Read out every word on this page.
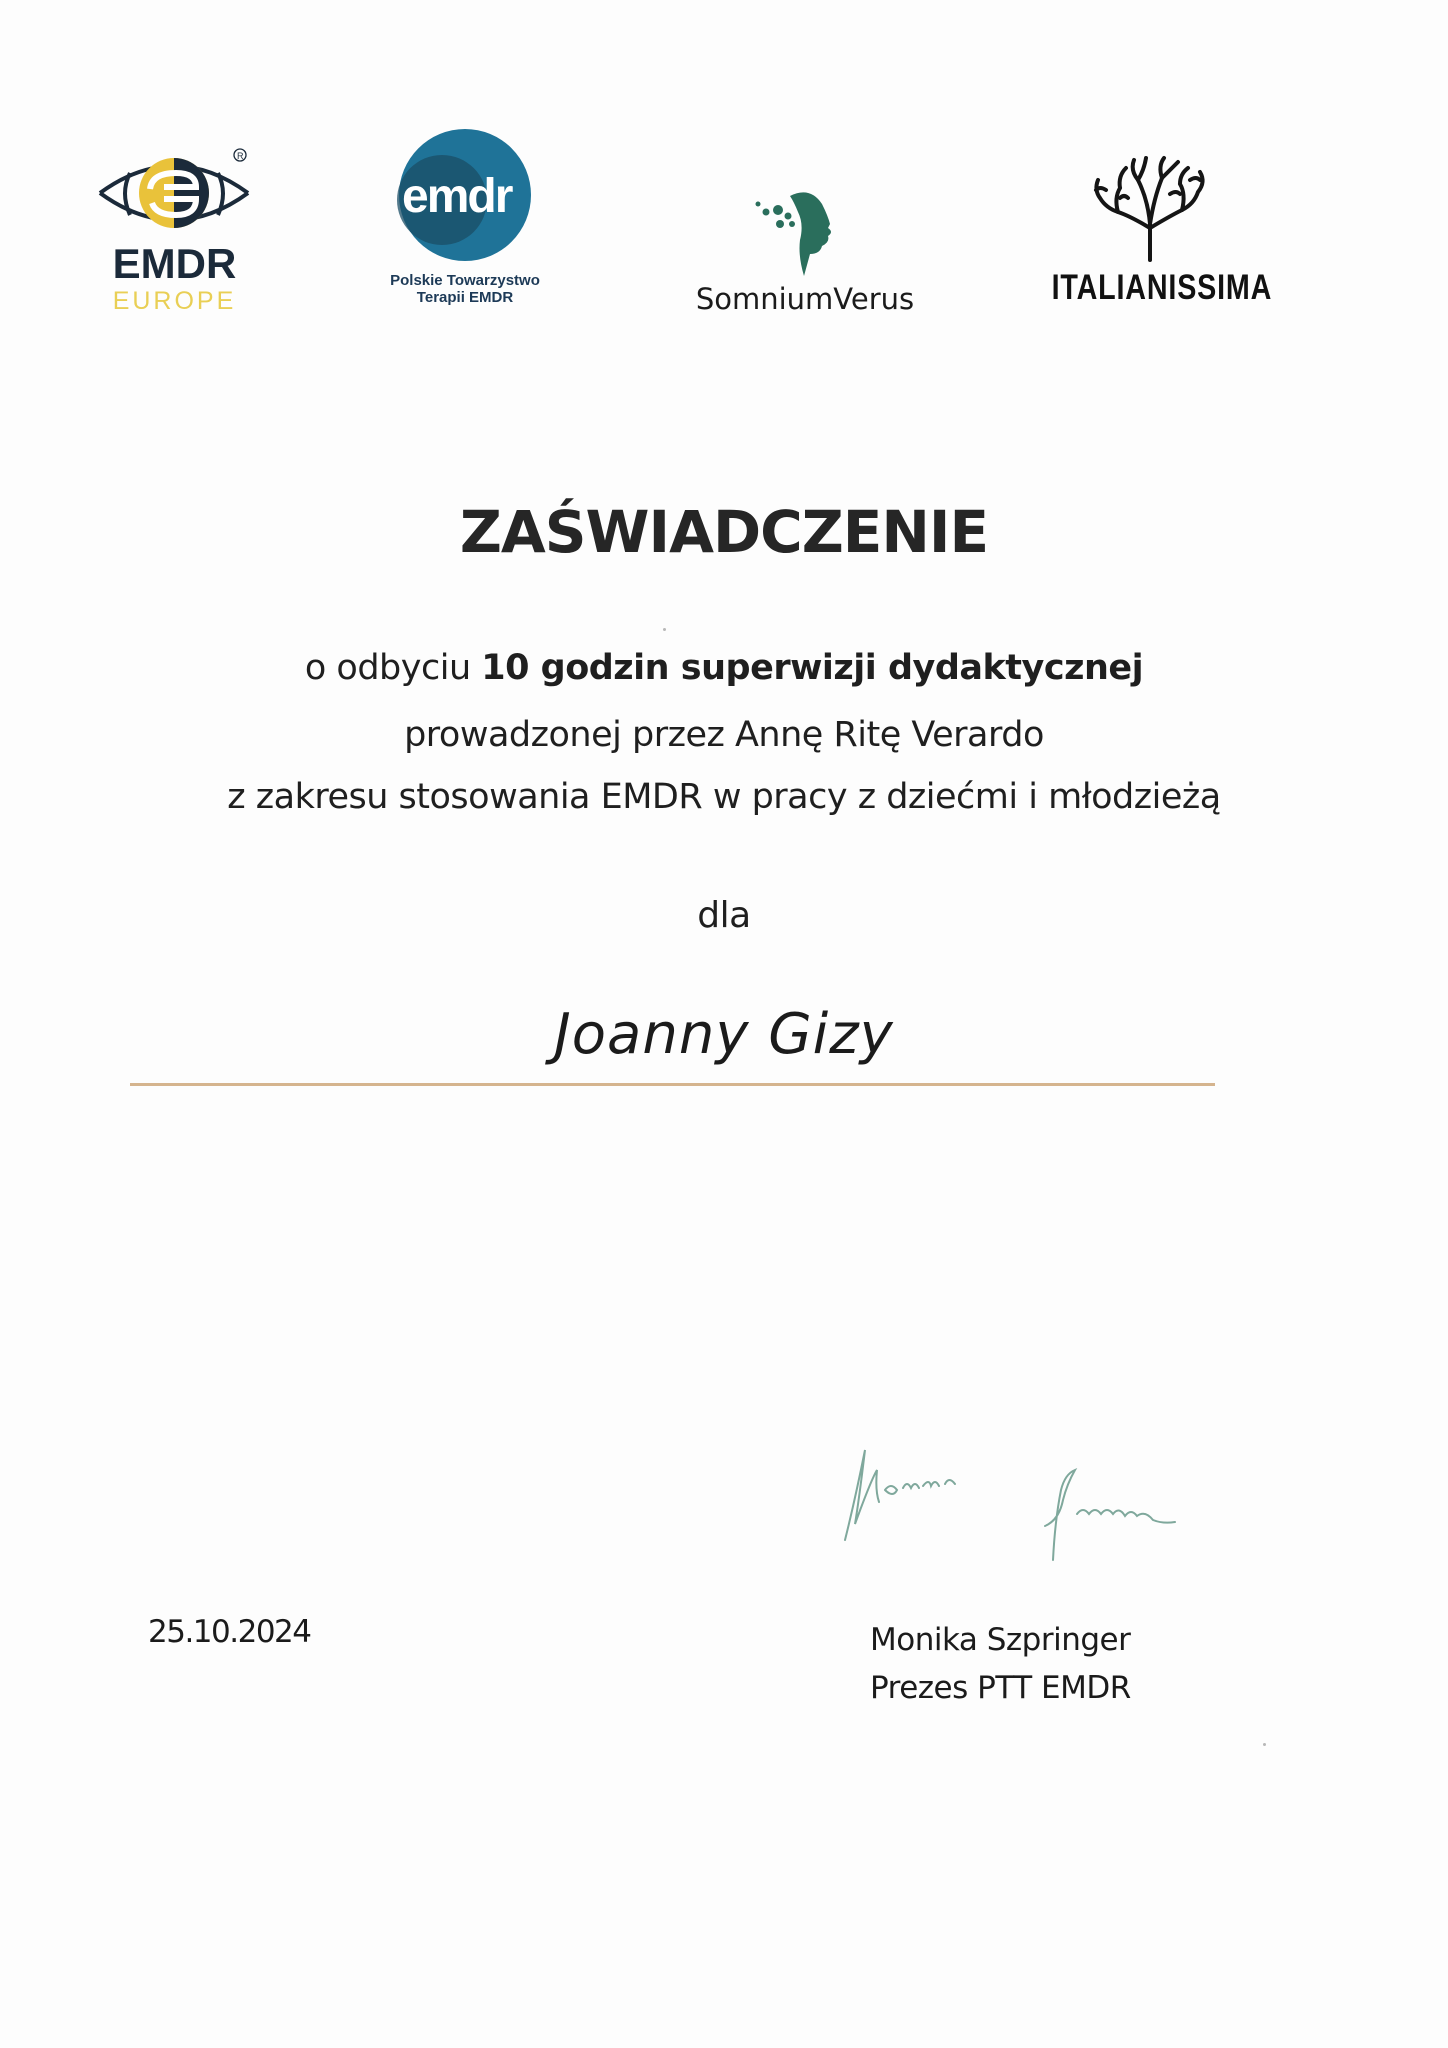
R
EMDR
EUROPE
emdr
Polskie Towarzystwo
Terapii EMDR	SomniumVerus	ITALIANISSIMA
ZAŚWIADCZENIE
o odbyciu 10 godzin superwizji dydaktycznej
prowadzonej przez Annę Ritę Verardo
z zakresu stosowania EMDR w pracy z dziećmi i młodzieżą
dla
Joanny Gizy
25.10.2024	Monika Szpringer
Prezes PTT EMDR
